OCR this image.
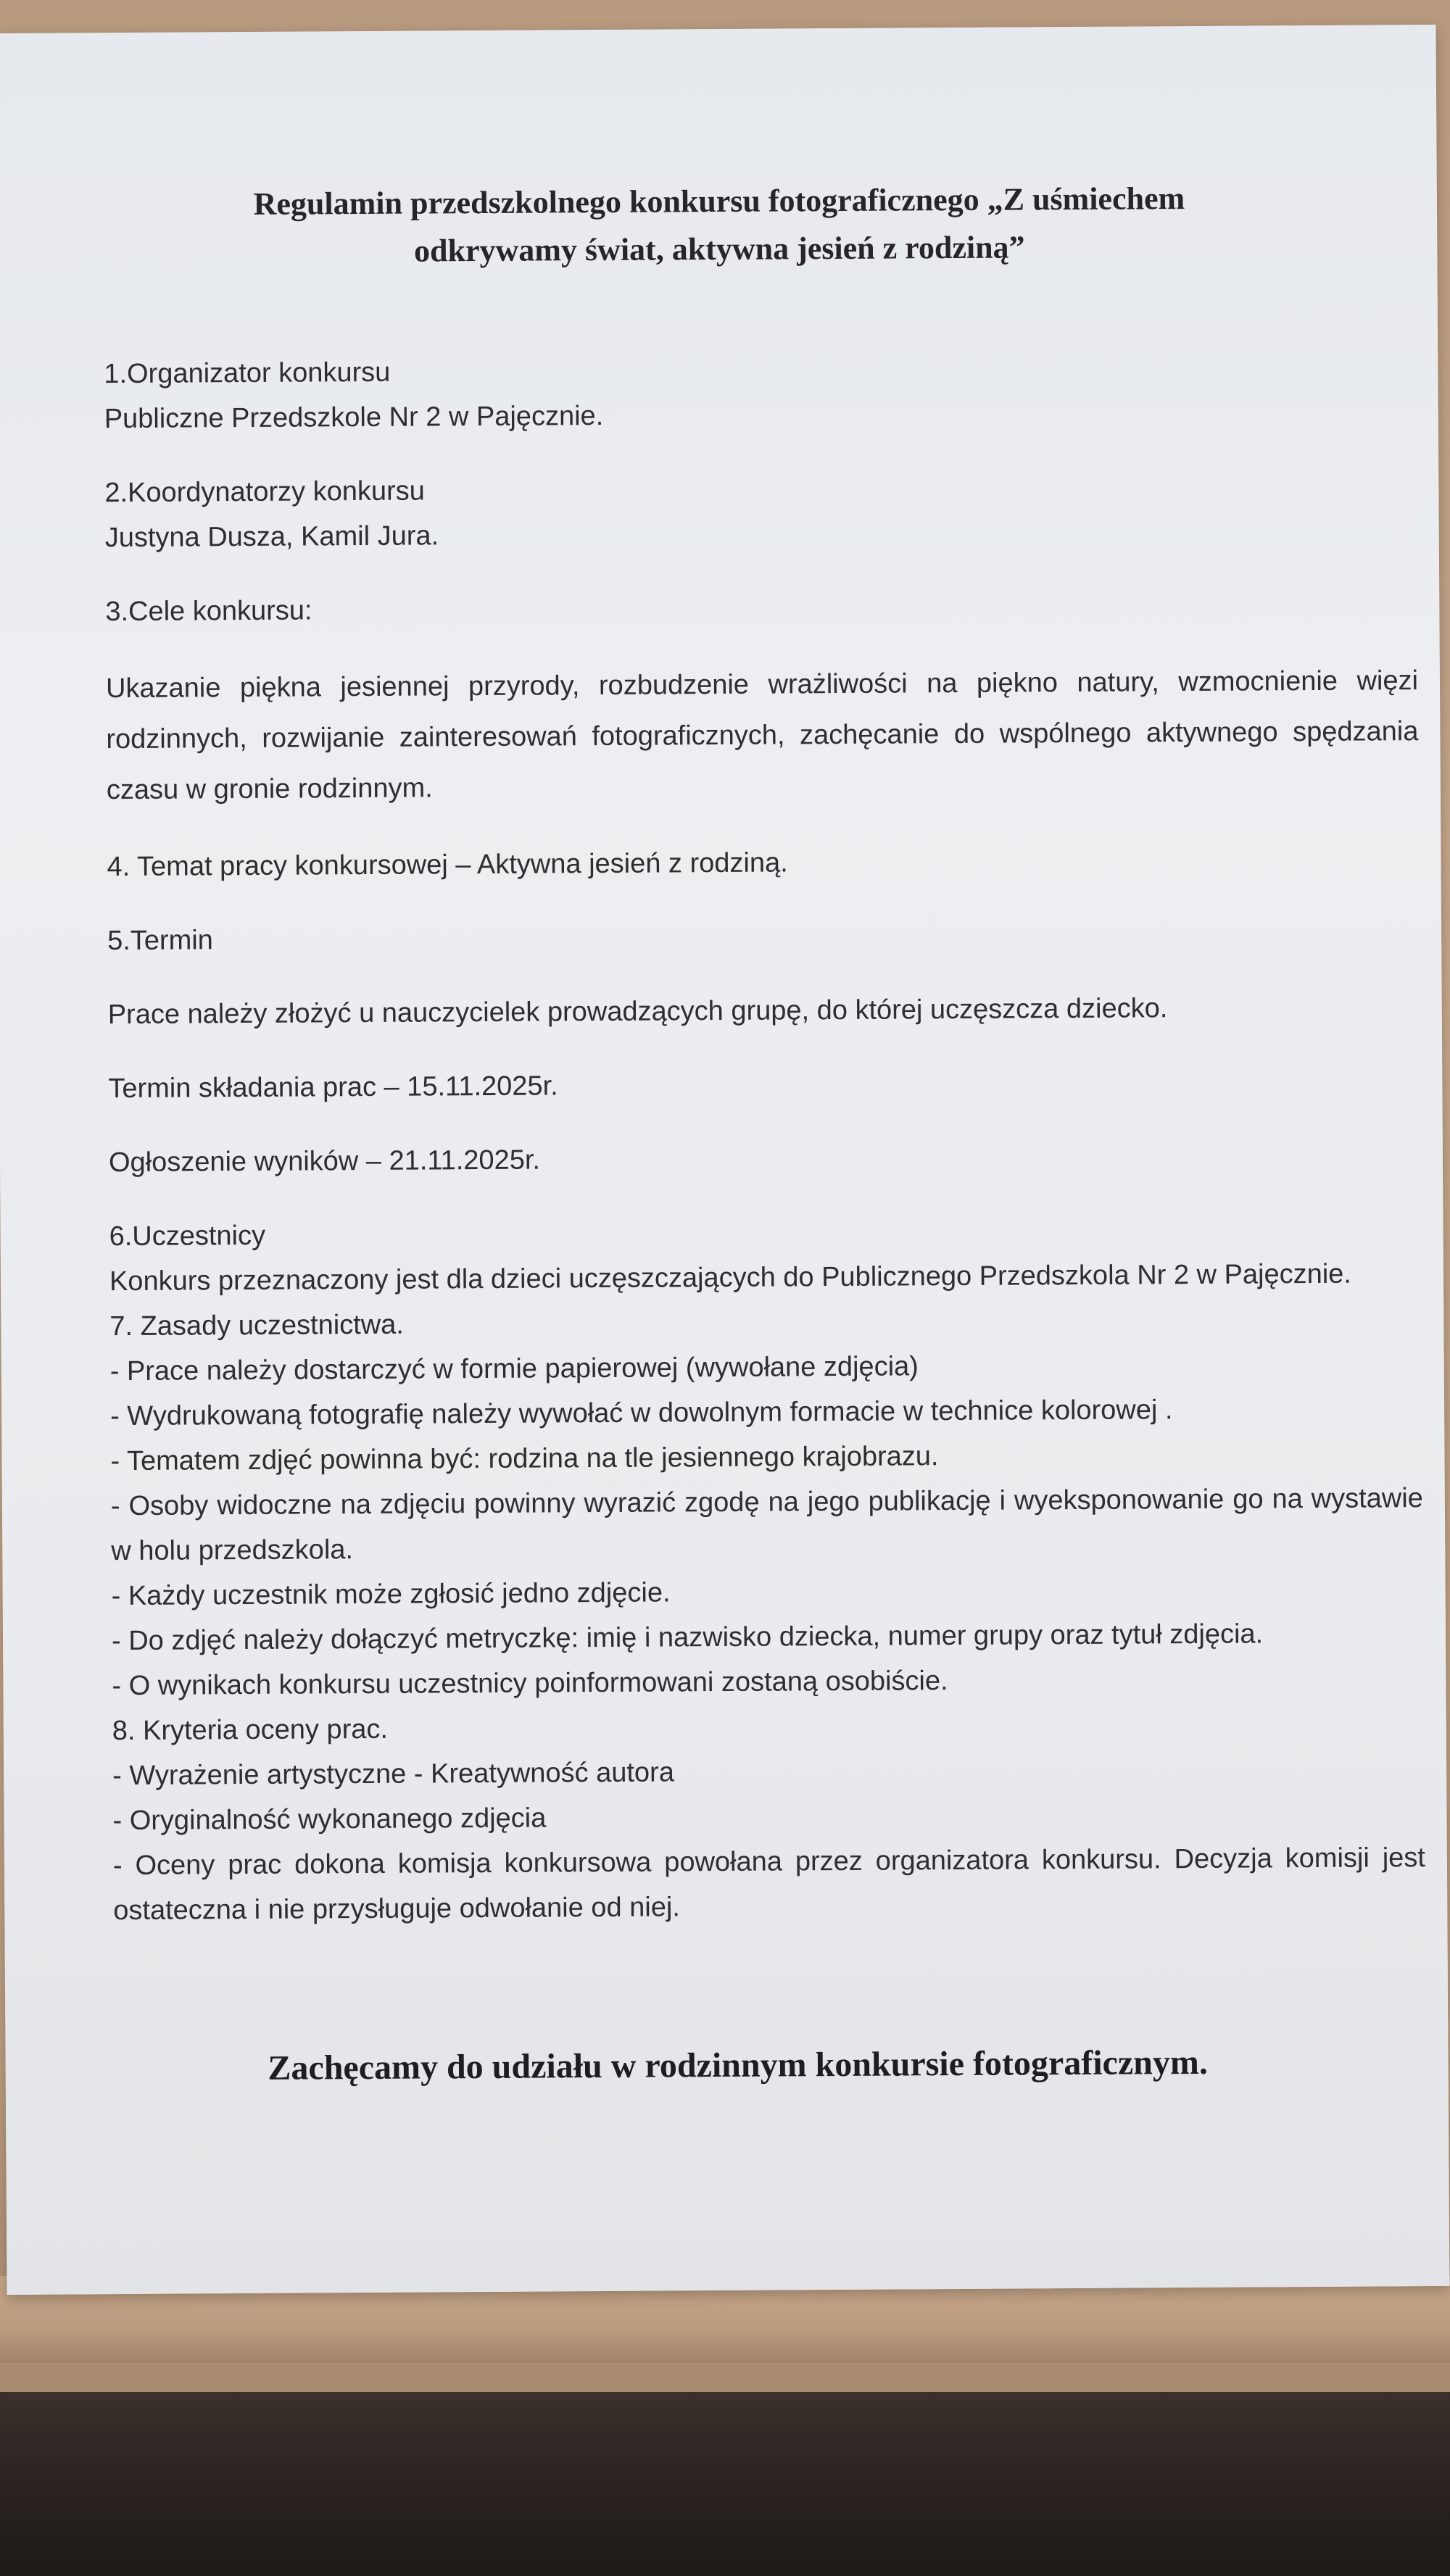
Regulamin przedszkolnego konkursu fotograficznego „Z uśmiechem
odkrywamy świat, aktywna jesień z rodziną”

1.Organizator konkursu

Publiczne Przedszkole Nr 2 w Pajęcznie.

2.Koordynatorzy konkursu

Justyna Dusza, Kamil Jura.

3.Cele konkursu:

Ukazanie piękna jesiennej przyrody, rozbudzenie wrażliwości na piękno natury, wzmocnienie więzi rodzinnych, rozwijanie zainteresowań fotograficznych, zachęcanie do wspólnego aktywnego spędzania czasu w gronie rodzinnym.

4. Temat pracy konkursowej – Aktywna jesień z rodziną.

5.Termin

Prace należy złożyć u nauczycielek prowadzących grupę, do której uczęszcza dziecko.

Termin składania prac – 15.11.2025r.

Ogłoszenie wyników – 21.11.2025r.

6.Uczestnicy

Konkurs przeznaczony jest dla dzieci uczęszczających do Publicznego Przedszkola Nr 2 w Pajęcznie.

7. Zasady uczestnictwa.

- Prace należy dostarczyć w formie papierowej (wywołane zdjęcia)

- Wydrukowaną fotografię należy wywołać w dowolnym formacie w technice kolorowej .

- Tematem zdjęć powinna być: rodzina na tle jesiennego krajobrazu.

- Osoby widoczne na zdjęciu powinny wyrazić zgodę na jego publikację i wyeksponowanie go na wystawie w holu przedszkola.

- Każdy uczestnik może zgłosić jedno zdjęcie.

- Do zdjęć należy dołączyć metryczkę: imię i nazwisko dziecka, numer grupy oraz tytuł zdjęcia.

- O wynikach konkursu uczestnicy poinformowani zostaną osobiście.

8. Kryteria oceny prac.

- Wyrażenie artystyczne - Kreatywność autora

- Oryginalność wykonanego zdjęcia

- Oceny prac dokona komisja konkursowa powołana przez organizatora konkursu. Decyzja komisji jest ostateczna i nie przysługuje odwołanie od niej.

Zachęcamy do udziału w rodzinnym konkursie fotograficznym.
